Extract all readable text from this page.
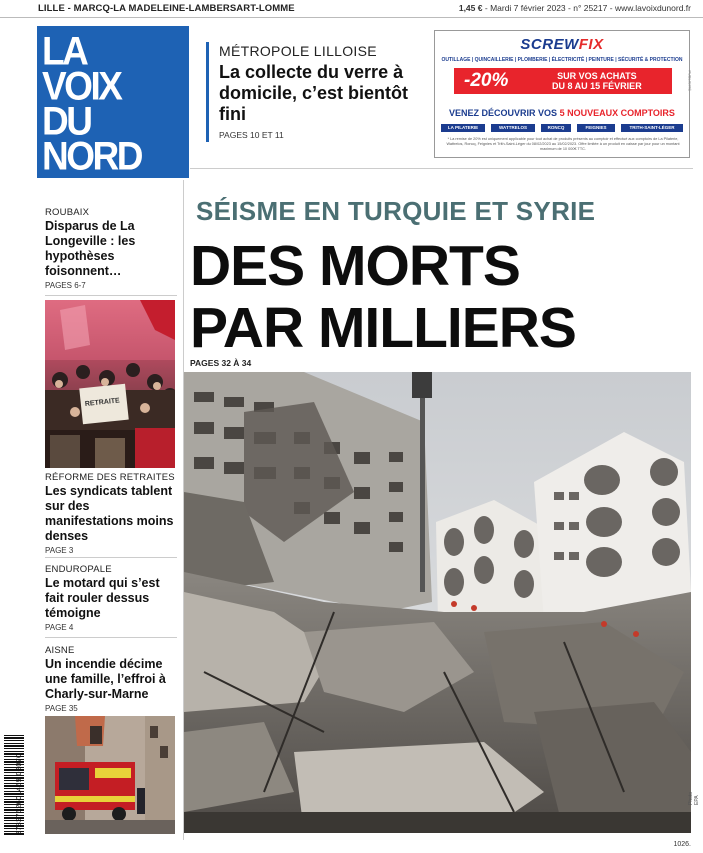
LILLE - MARCQ-LA MADELEINE-LAMBERSART-LOMME	1,45 € - Mardi 7 février 2023 - n° 25217 - www.lavoixdunord.fr
LA
VOIX
DU
NORD
MÉTROPOLE LILLOISE
La collecte du verre à domicile, c’est bientôt fini
PAGES 10 ET 11
SCREWFIX
OUTILLAGE | QUINCAILLERIE | PLOMBERIE | ÉLECTRICITÉ | PEINTURE | SÉCURITÉ & PROTECTION
-20%	SUR VOS ACHATS
DU 8 AU 15 FÉVRIER
VENEZ DÉCOUVRIR VOS 5 NOUVEAUX COMPTOIRS
LA PILATERIE	WATTRELOS	RONCQ	FEIGNIES	TRITH-SAINT-LÉGER
* La remise de 20% est uniquement applicable pour tout achat de produits présents au comptoir et effectué aux comptoirs de La Pilaterie, Wattrelos, Roncq, Feignies et Trith-Saint-Léger du 08/02/2023 au 15/02/2023. Offre limitée à un produit en caisse par jour pour un montant maximum de 10 000€ TTC.
PUBLICITÉ
ROUBAIX
Disparus de La Longeville : les hypothèses foisonnent…
PAGES 6-7
RETRAITE
RÉFORME DES RETRAITES
Les syndicats tablent sur des manifestations moins denses
PAGE 3
ENDUROPALE
Le motard qui s’est fait rouler dessus témoigne
PAGE 4
AISNE
Un incendie décime une famille, l’effroi à Charly-sur-Marne
PAGE 35
3782762601459 02070
SÉISME EN TURQUIE ET SYRIE
DES MORTS
PAR MILLIERS
PAGES 32 À 34
Photo EPA
1026.
